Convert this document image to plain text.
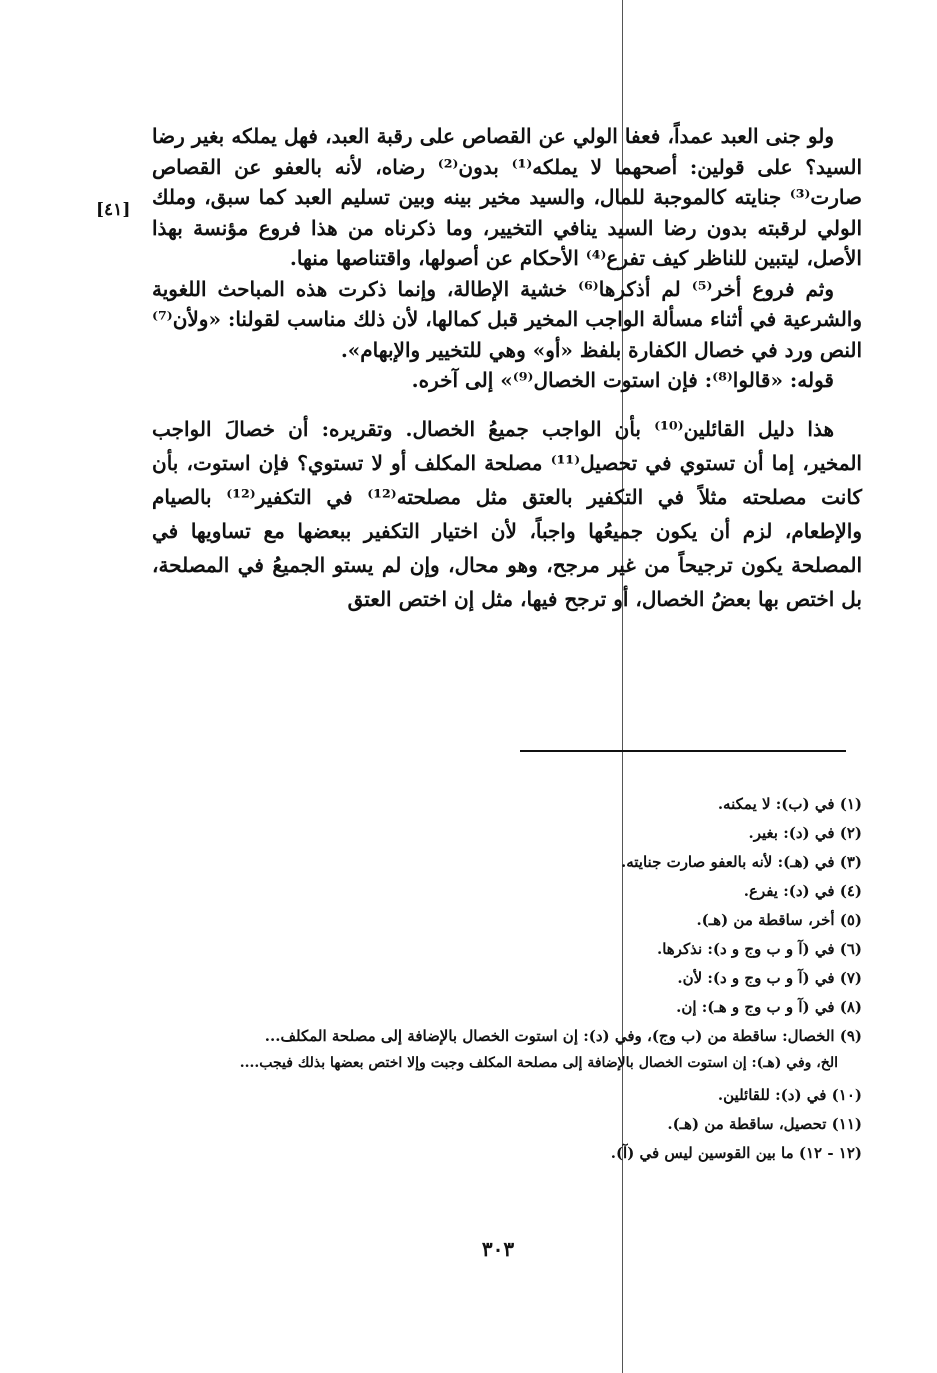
[٤١]

ولو جنى العبد عمداً، فعفا الولي عن القصاص على رقبة العبد، فهل يملكه بغير رضا السيد؟ على قولين: أصحهما لا يملكه⁽¹⁾ بدون⁽²⁾ رضاه، لأنه بالعفو عن القصاص صارت⁽³⁾ جنايته كالموجبة للمال، والسيد مخير بينه وبين تسليم العبد كما سبق، وملك الولي لرقبته بدون رضا السيد ينافي التخيير، وما ذكرناه من هذا فروع مؤنسة بهذا الأصل، ليتبين للناظر كيف تفرع⁽⁴⁾ الأحكام عن أصولها، واقتناصها منها.

وثم فروع أخر⁽⁵⁾ لم أذكرها⁽⁶⁾ خشية الإطالة، وإنما ذكرت هذه المباحث اللغوية والشرعية في أثناء مسألة الواجب المخير قبل كمالها، لأن ذلك مناسب لقولنا: «ولأن⁽⁷⁾ النص ورد في خصال الكفارة بلفظ «أو» وهي للتخيير والإبهام».

قوله: «قالوا⁽⁸⁾: فإن استوت الخصال⁽⁹⁾» إلى آخره.

هذا دليل القائلين⁽¹⁰⁾ بأن الواجب جميعُ الخصال. وتقريره: أن خصالَ الواجب المخير، إما أن تستوي في تحصيل⁽¹¹⁾ مصلحة المكلف أو لا تستوي؟ فإن استوت، بأن كانت مصلحته مثلاً في التكفير بالعتق مثل مصلحته⁽¹²⁾ في التكفير⁽¹²⁾ بالصيام والإطعام، لزم أن يكون جميعُها واجباً، لأن اختيار التكفير ببعضها مع تساويها في المصلحة يكون ترجيحاً من غير مرجح، وهو محال، وإن لم يستو الجميعُ في المصلحة، بل اختص بها بعضُ الخصال، أو ترجح فيها، مثل إن اختص العتق

(١) في (ب): لا يمكنه.

(٢) في (د): بغير.

(٣) في (هـ): لأنه بالعفو صارت جنايته.

(٤) في (د): يفرع.

(٥) أخر، ساقطة من (هـ).

(٦) في (آ و ب وج و د): نذكرها.

(٧) في (آ و ب وج و د): لأن.

(٨) في (آ و ب وج و هـ): إن.

(٩) الخصال: ساقطة من (ب وج)، وفي (د): إن استوت الخصال بالإضافة إلى مصلحة المكلف...

الخ، وفي (هـ): إن استوت الخصال بالإضافة إلى مصلحة المكلف وجبت وإلا اختص بعضها بذلك فيجب....

(١٠) في (د): للقائلين.

(١١) تحصيل، ساقطة من (هـ).

(١٢ - ١٢) ما بين القوسين ليس في (آ).

٣٠٣
